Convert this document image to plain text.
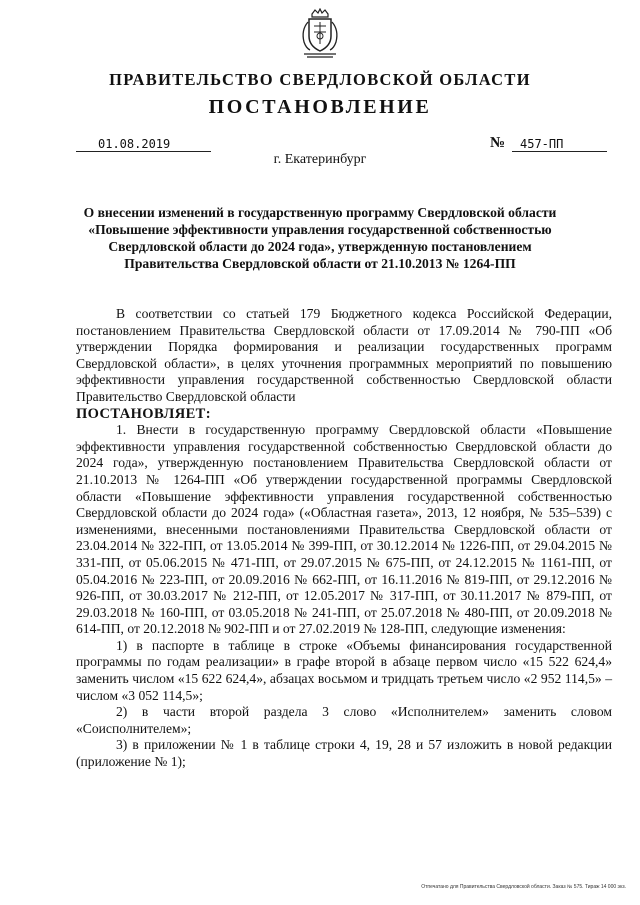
ПРАВИТЕЛЬСТВО СВЕРДЛОВСКОЙ ОБЛАСТИ
ПОСТАНОВЛЕНИЕ
01.08.2019	№	457-ПП
г. Екатеринбург
О внесении изменений в государственную программу Свердловской области «Повышение эффективности управления государственной собственностью Свердловской области до 2024 года», утвержденную постановлением Правительства Свердловской области от 21.10.2013 № 1264-ПП

В соответствии со статьей 179 Бюджетного кодекса Российской Федерации, постановлением Правительства Свердловской области от 17.09.2014 № 790-ПП «Об утверждении Порядка формирования и реализации государственных программ Свердловской области», в целях уточнения программных мероприятий по повышению эффективности управления государственной собственностью Свердловской области Правительство Свердловской области

ПОСТАНОВЛЯЕТ:

1. Внести в государственную программу Свердловской области «Повышение эффективности управления государственной собственностью Свердловской области до 2024 года», утвержденную постановлением Правительства Свердловской области от 21.10.2013 № 1264-ПП «Об утверждении государственной программы Свердловской области «Повышение эффективности управления государственной собственностью Свердловской области до 2024 года» («Областная газета», 2013, 12 ноября, № 535–539) с изменениями, внесенными постановлениями Правительства Свердловской области от 23.04.2014 № 322-ПП, от 13.05.2014 № 399-ПП, от 30.12.2014 № 1226-ПП, от 29.04.2015 № 331-ПП, от 05.06.2015 № 471-ПП, от 29.07.2015 № 675-ПП, от 24.12.2015 № 1161-ПП, от 05.04.2016 № 223-ПП, от 20.09.2016 № 662-ПП, от 16.11.2016 № 819-ПП, от 29.12.2016 № 926-ПП, от 30.03.2017 № 212-ПП, от 12.05.2017 № 317-ПП, от 30.11.2017 № 879-ПП, от 29.03.2018 № 160-ПП, от 03.05.2018 № 241-ПП, от 25.07.2018 № 480-ПП, от 20.09.2018 № 614-ПП, от 20.12.2018 № 902-ПП и от 27.02.2019 № 128-ПП, следующие изменения:

1) в паспорте в таблице в строке «Объемы финансирования государственной программы по годам реализации» в графе второй в абзаце первом число «15 522 624,4» заменить числом «15 622 624,4», абзацах восьмом и тридцать третьем число «2 952 114,5» – числом «3 052 114,5»;

2) в части второй раздела 3 слово «Исполнителем» заменить словом «Соисполнителем»;

3) в приложении № 1 в таблице строки 4, 19, 28 и 57 изложить в новой редакции (приложение № 1);

Отпечатано для Правительства Свердловской области. Заказ № 575. Тираж 14 000 экз.
